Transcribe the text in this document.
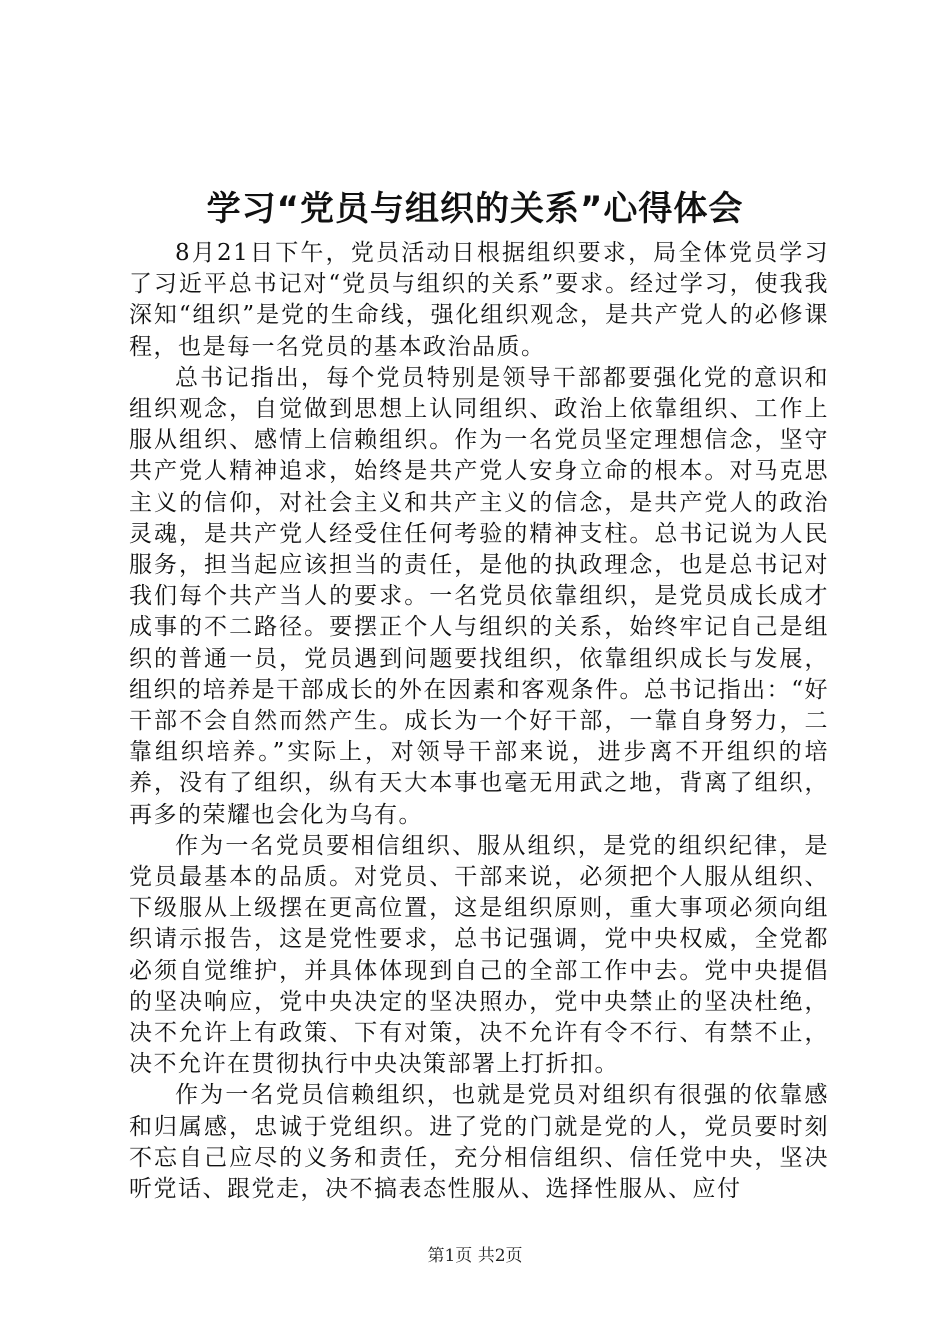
学习“党员与组织的关系”心得体会

8月21日下午，党员活动日根据组织要求，局全体党员学习了习近平总书记对“党员与组织的关系”要求。经过学习，使我我深知“组织”是党的生命线，强化组织观念，是共产党人的必修课程，也是每一名党员的基本政治品质。

总书记指出，每个党员特别是领导干部都要强化党的意识和组织观念，自觉做到思想上认同组织、政治上依靠组织、工作上服从组织、感情上信赖组织。作为一名党员坚定理想信念，坚守共产党人精神追求，始终是共产党人安身立命的根本。对马克思主义的信仰，对社会主义和共产主义的信念，是共产党人的政治灵魂，是共产党人经受住任何考验的精神支柱。总书记说为人民服务，担当起应该担当的责任，是他的执政理念，也是总书记对我们每个共产当人的要求。一名党员依靠组织，是党员成长成才成事的不二路径。要摆正个人与组织的关系，始终牢记自己是组织的普通一员，党员遇到问题要找组织，依靠组织成长与发展，组织的培养是干部成长的外在因素和客观条件。总书记指出：“好干部不会自然而然产生。成长为一个好干部，一靠自身努力，二靠组织培养。”实际上，对领导干部来说，进步离不开组织的培养，没有了组织，纵有天大本事也毫无用武之地，背离了组织，再多的荣耀也会化为乌有。

作为一名党员要相信组织、服从组织，是党的组织纪律，是党员最基本的品质。对党员、干部来说，必须把个人服从组织、下级服从上级摆在更高位置，这是组织原则，重大事项必须向组织请示报告，这是党性要求，总书记强调，党中央权威，全党都必须自觉维护，并具体体现到自己的全部工作中去。党中央提倡的坚决响应，党中央决定的坚决照办，党中央禁止的坚决杜绝，决不允许上有政策、下有对策，决不允许有令不行、有禁不止，决不允许在贯彻执行中央决策部署上打折扣。

作为一名党员信赖组织，也就是党员对组织有很强的依靠感和归属感，忠诚于党组织。进了党的门就是党的人，党员要时刻不忘自己应尽的义务和责任，充分相信组织、信任党中央，坚决听党话、跟党走，决不搞表态性服从、选择性服从、应付

第1页 共2页
